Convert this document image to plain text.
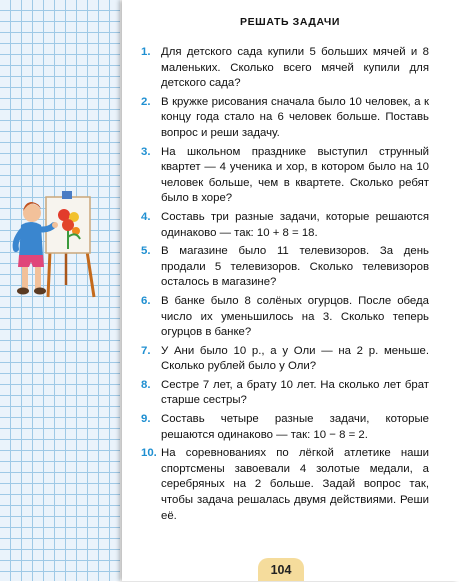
РЕШАТЬ ЗАДАЧИ
1. Для детского сада купили 5 больших мячей и 8 маленьких. Сколько всего мячей купили для детского сада?
2. В кружке рисования сначала было 10 человек, а к концу года стало на 6 человек больше. Поставь вопрос и реши задачу.
3. На школьном празднике выступил струнный квартет — 4 ученика и хор, в котором было на 10 человек больше, чем в квартете. Сколько ребят было в хоре?
4. Составь три разные задачи, которые решаются одинаково — так: 10 + 8 = 18.
5. В магазине было 11 телевизоров. За день продали 5 телевизоров. Сколько телевизоров осталось в магазине?
6. В банке было 8 солёных огурцов. После обеда число их уменьшилось на 3. Сколько теперь огурцов в банке?
7. У Ани было 10 р., а у Оли — на 2 р. меньше. Сколько рублей было у Оли?
8. Сестре 7 лет, а брату 10 лет. На сколько лет брат старше сестры?
9. Составь четыре разные задачи, которые решаются одинаково — так: 10 − 8 = 2.
10. На соревнованиях по лёгкой атлетике наши спортсмены завоевали 4 золотые медали, а серебряных на 2 больше. Задай вопрос так, чтобы задача решалась двумя действиями. Реши её.
104
